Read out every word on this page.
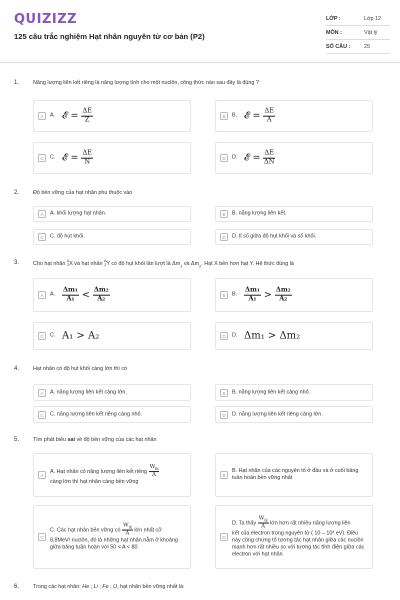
QUIZIZZ
125 câu trắc nghiệm Hạt nhân nguyên tử cơ bản (P2)
LỚP :	Lớp 12
MÔN :	Vật lý
SỐ CÂU :	25
1.	Năng lượng liên kết riêng là năng lượng tính cho một nuclôn, công thức nào sau đây là đúng ?
A	A. 𝓔 = $\frac{\Delta E}{Z}$	B	B. 𝓔 = $\frac{\Delta E}{A}$
C	C. 𝓔 = $\frac{\Delta E}{N}$	D	D. 𝓔 = $\frac{\Delta E}{\Delta N}$
2.	Độ bền vững của hạt nhân phụ thuộc vào
A	A. khối lượng hạt nhân.	B	B. năng lượng liên kết.
C	C. độ hụt khối.	D	D. tỉ số giữa độ hụt khối và số khối.
3.	Cho hạt nhân
A
Z X và hạt nhân
A
Z Y có độ hụt khối lần lượt là $\Delta m_1$ và $\Delta m_2$. Hạt X bền hơn hạt Y. Hệ thức đúng là
A	A.	$\frac{\text{Δm₁}}{\text{A₁}} < \frac{\text{Δm₂}}{\text{A₂}}$	B	B.	$\frac{\text{Δm₁}}{\text{A₁}} > \frac{\text{Δm₂}}{\text{A₂}}$
C	C. A₁ > A₂	D	D. Δm₁ > Δm₂
4.	Hạt nhân có độ hụt khối càng lớn thì có
A	A. năng lượng liên kết càng lớn.	B	B. năng lượng liên kết càng nhỏ.
C	C. năng lượng liên kết riêng càng nhỏ.	D	D. năng lượng liên kết riêng càng lớn.
5.	Tìm phát biểu sai về độ bền vững của các hạt nhân
A
A. Hạt nhân có năng lượng liên kết riêng $\frac{W_{lk}}{A}$

càng lớn thì hạt nhân càng bền vững
B
B. Hạt nhân của các nguyên tố ở đầu và ở cuối bảng tuần hoàn bền vững nhất
C
C. Các hạt nhân bền vững có $\frac{W_{lk}}{A}$ lớn nhất cỡ
8,8MeV/ nuclôn, đó là những hạt nhân nằm ở khoảng giữa bảng tuần hoàn với 50 < A < 80
D
D. Ta thấy $\frac{W_{lk}}{A}$ lớn hơn rất nhiều năng lượng liên
kết của electron trong nguyên tử ( 10 – 10³ eV). Điều này cũng chứng tỏ tương tác hạt nhân giữa các nuclôn mạnh hơn rất nhiều so với tương tác tĩnh điện giữa các electron với hạt nhân
6.	Trong các hạt nhân: He ; Li ; Fe ; U, hạt nhân bền vững nhất là:
